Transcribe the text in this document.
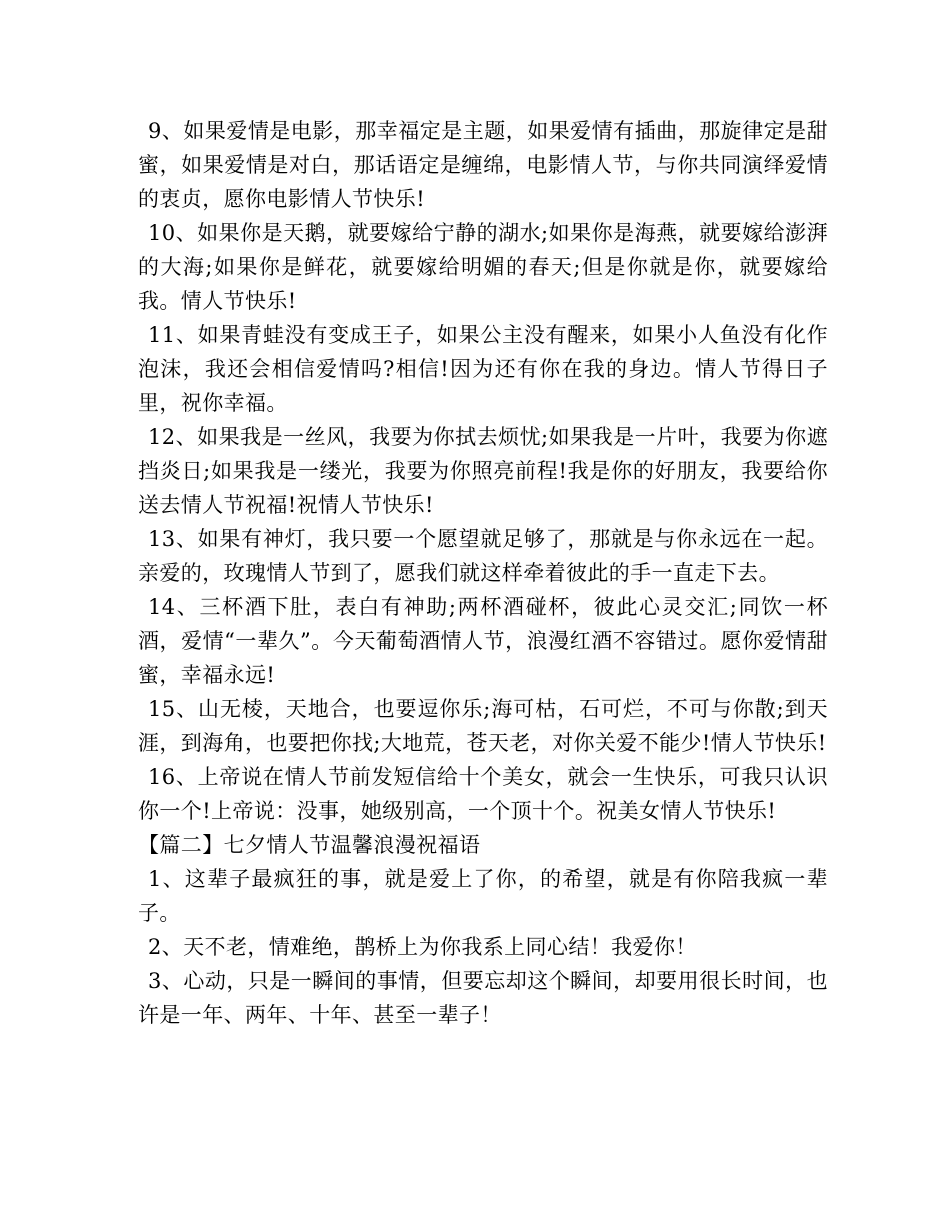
9、如果爱情是电影，那幸福定是主题，如果爱情有插曲，那旋律定是甜蜜，如果爱情是对白，那话语定是缠绵，电影情人节，与你共同演绎爱情的衷贞，愿你电影情人节快乐!

10、如果你是天鹅，就要嫁给宁静的湖水;如果你是海燕，就要嫁给澎湃的大海;如果你是鲜花，就要嫁给明媚的春天;但是你就是你，就要嫁给我。情人节快乐!

11、如果青蛙没有变成王子，如果公主没有醒来，如果小人鱼没有化作泡沫，我还会相信爱情吗?相信!因为还有你在我的身边。情人节得日子里，祝你幸福。

12、如果我是一丝风，我要为你拭去烦忧;如果我是一片叶，我要为你遮挡炎日;如果我是一缕光，我要为你照亮前程!我是你的好朋友，我要给你送去情人节祝福!祝情人节快乐!

13、如果有神灯，我只要一个愿望就足够了，那就是与你永远在一起。亲爱的，玫瑰情人节到了，愿我们就这样牵着彼此的手一直走下去。

14、三杯酒下肚，表白有神助;两杯酒碰杯，彼此心灵交汇;同饮一杯酒，爱情“一辈久”。今天葡萄酒情人节，浪漫红酒不容错过。愿你爱情甜蜜，幸福永远!

15、山无棱，天地合，也要逗你乐;海可枯，石可烂，不可与你散;到天涯，到海角，也要把你找;大地荒，苍天老，对你关爱不能少!情人节快乐!

16、上帝说在情人节前发短信给十个美女，就会一生快乐，可我只认识你一个!上帝说：没事，她级别高，一个顶十个。祝美女情人节快乐!

【篇二】七夕情人节温馨浪漫祝福语

1、这辈子最疯狂的事，就是爱上了你，的希望，就是有你陪我疯一辈子。

2、天不老，情难绝，鹊桥上为你我系上同心结！我爱你！

3、心动，只是一瞬间的事情，但要忘却这个瞬间，却要用很长时间，也许是一年、两年、十年、甚至一辈子！
